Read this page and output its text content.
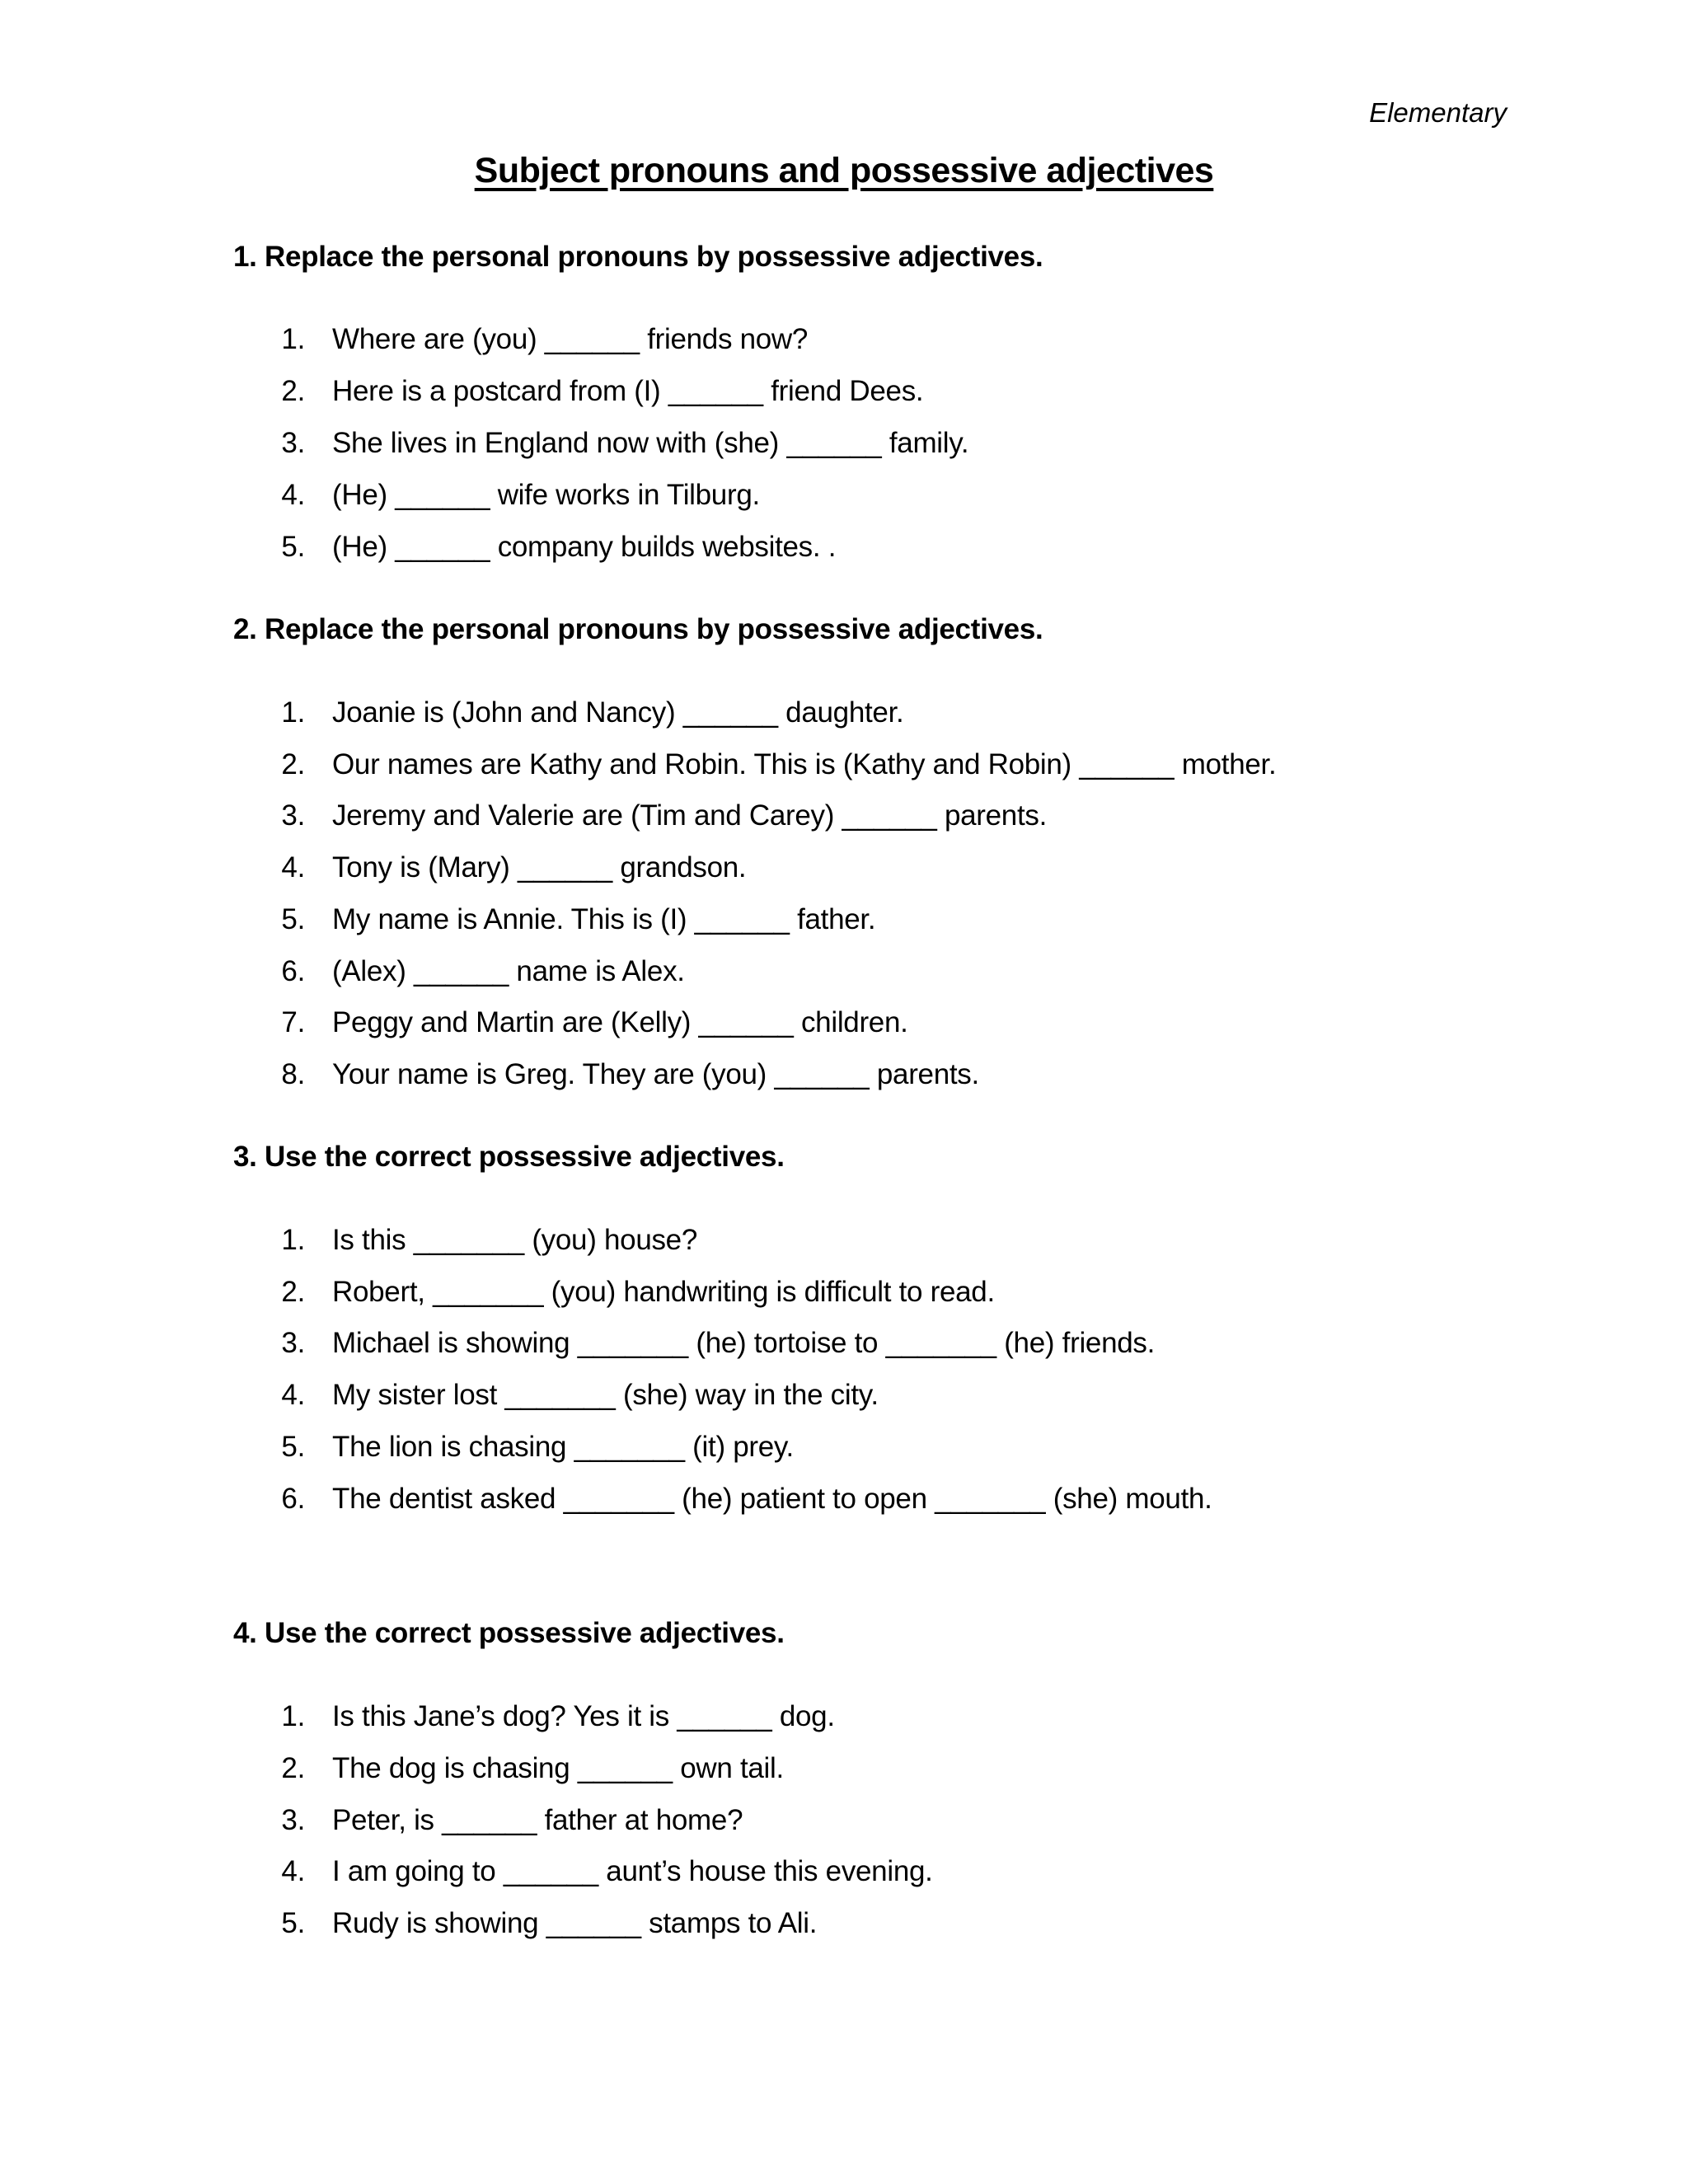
Elementary
Subject pronouns and possessive adjectives
1. Replace the personal pronouns by possessive adjectives.
1. Where are (you) ______ friends now?
2. Here is a postcard from (I) ______ friend Dees.
3. She lives in England now with (she) ______ family.
4. (He) ______ wife works in Tilburg.
5. (He) ______ company builds websites. .
2. Replace the personal pronouns by possessive adjectives.
1. Joanie is (John and Nancy) ______ daughter.
2. Our names are Kathy and Robin. This is (Kathy and Robin) ______ mother.
3. Jeremy and Valerie are (Tim and Carey) ______ parents.
4. Tony is (Mary) ______ grandson.
5. My name is Annie. This is (I) ______ father.
6. (Alex) ______ name is Alex.
7. Peggy and Martin are (Kelly) ______ children.
8. Your name is Greg. They are (you) ______ parents.
3. Use the correct possessive adjectives.
1. Is this _______ (you) house?
2. Robert, _______ (you) handwriting is difficult to read.
3. Michael is showing _______ (he) tortoise to _______ (he) friends.
4. My sister lost _______ (she) way in the city.
5. The lion is chasing _______ (it) prey.
6. The dentist asked _______ (he) patient to open _______ (she) mouth.
4. Use the correct possessive adjectives.
1. Is this Jane’s dog? Yes it is ______ dog.
2. The dog is chasing ______ own tail.
3. Peter, is ______ father at home?
4. I am going to ______ aunt’s house this evening.
5. Rudy is showing ______ stamps to Ali.
